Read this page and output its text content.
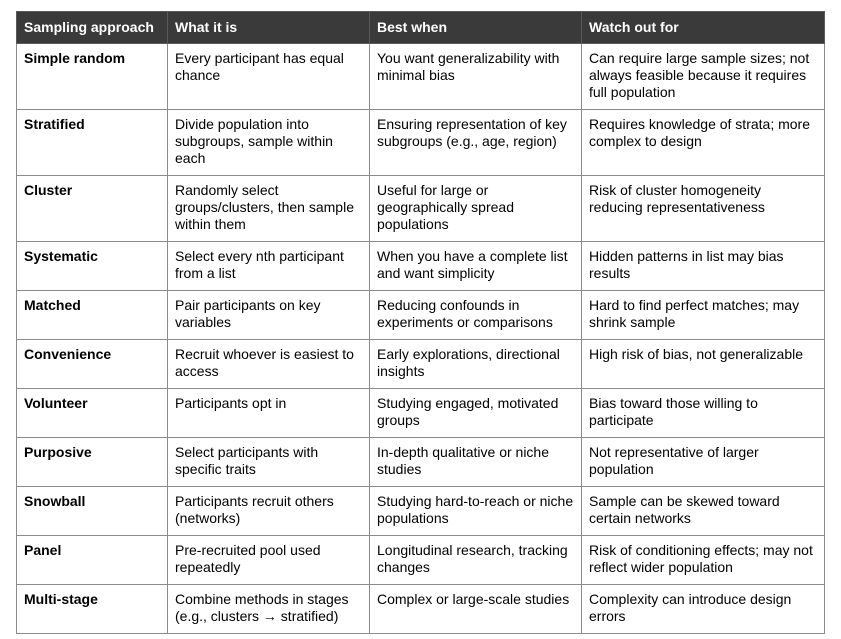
Sampling approach	What it is	Best when	Watch out for
Simple random	Every participant has equal chance	You want generalizability with minimal bias	Can require large sample sizes; not always feasible because it requires full population
Stratified	Divide population into subgroups, sample within each	Ensuring representation of key subgroups (e.g., age, region)	Requires knowledge of strata; more complex to design
Cluster	Randomly select groups/clusters, then sample within them	Useful for large or geographically spread populations	Risk of cluster homogeneity reducing representativeness
Systematic	Select every nth participant from a list	When you have a complete list and want simplicity	Hidden patterns in list may bias results
Matched	Pair participants on key variables	Reducing confounds in experiments or comparisons	Hard to find perfect matches; may shrink sample
Convenience	Recruit whoever is easiest to access	Early explorations, directional insights	High risk of bias, not generalizable
Volunteer	Participants opt in	Studying engaged, motivated groups	Bias toward those willing to participate
Purposive	Select participants with specific traits	In-depth qualitative or niche studies	Not representative of larger population
Snowball	Participants recruit others (networks)	Studying hard-to-reach or niche populations	Sample can be skewed toward certain networks
Panel	Pre-recruited pool used repeatedly	Longitudinal research, tracking changes	Risk of conditioning effects; may not reflect wider population
Multi-stage	Combine methods in stages (e.g., clusters → stratified)	Complex or large-scale studies	Complexity can introduce design errors
